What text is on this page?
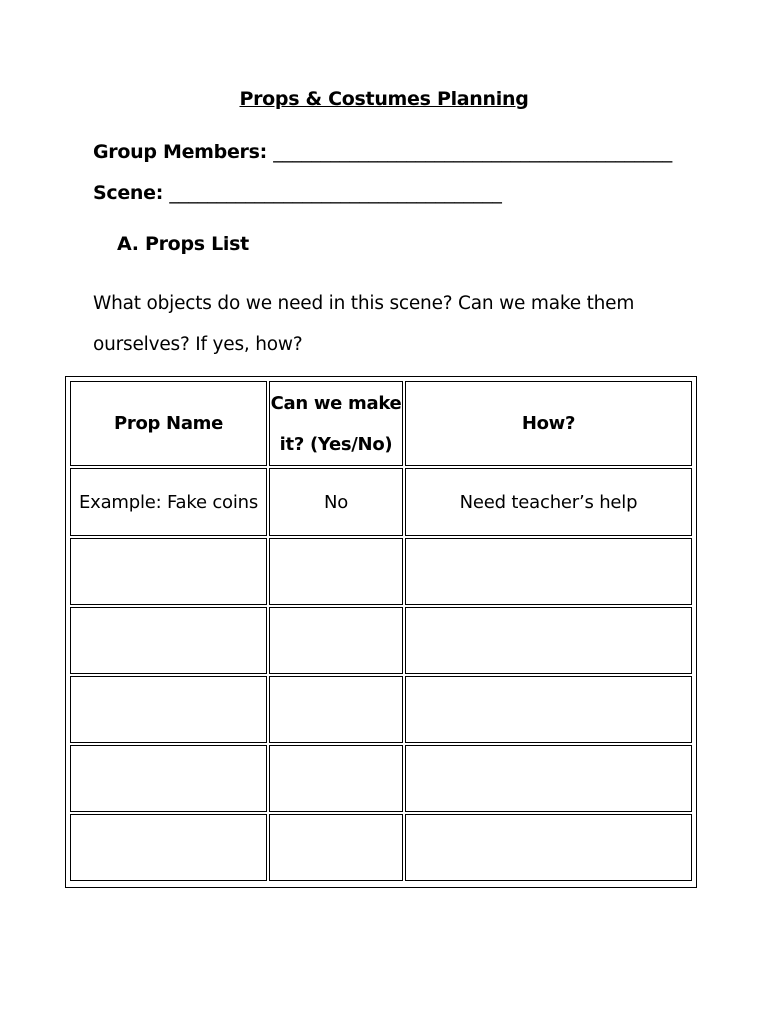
Props & Costumes Planning
Group Members: __________________________________________
Scene: ___________________________________
A. Props List
What objects do we need in this scene? Can we make them ourselves? If yes, how?
Prop Name	Can we make it? (Yes/No)	How?
Example: Fake coins	No	Need teacher’s help
